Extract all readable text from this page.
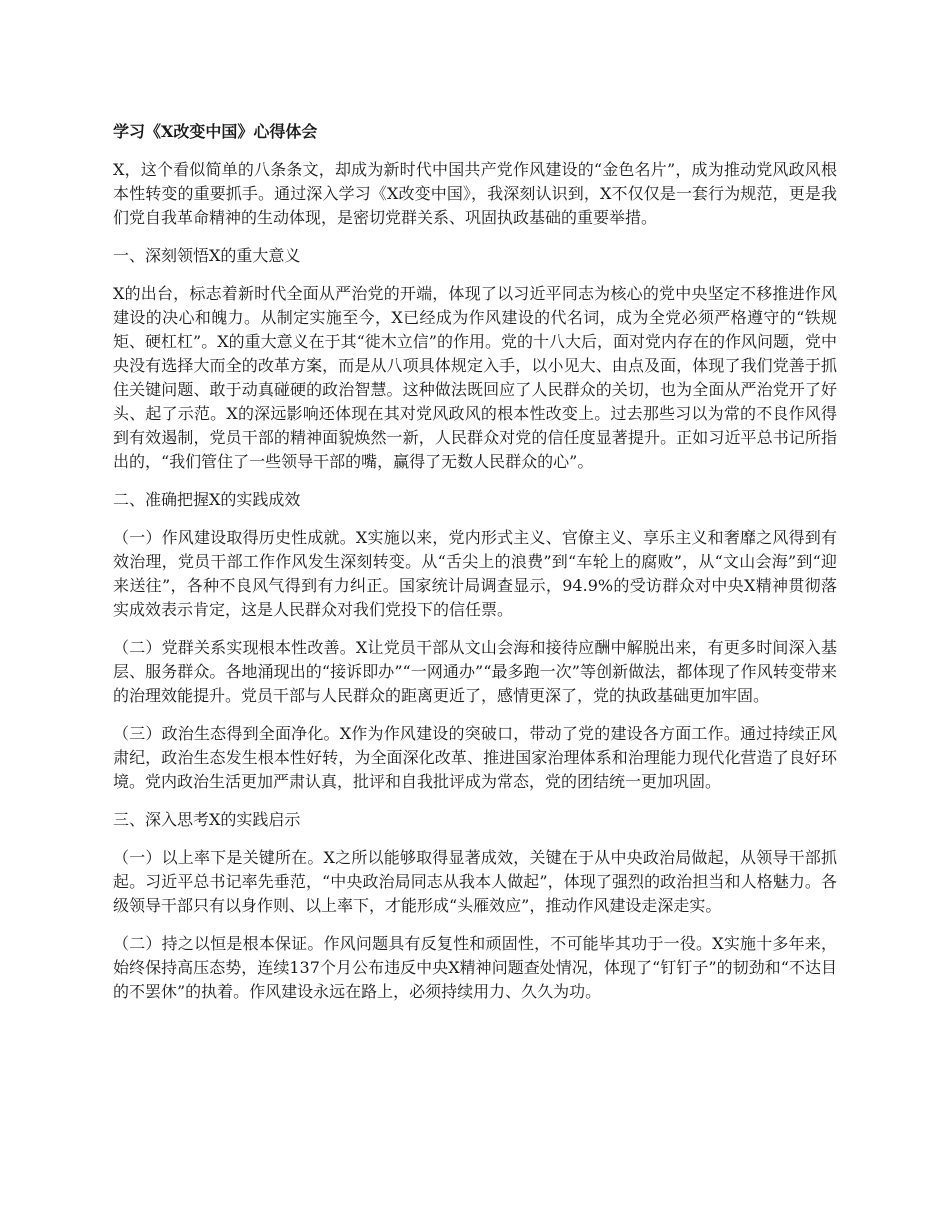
学习《X改变中国》心得体会

X，这个看似简单的八条条文，却成为新时代中国共产党作风建设的“金色名片”，成为推动党风政风根本性转变的重要抓手。通过深入学习《X改变中国》，我深刻认识到，X不仅仅是一套行为规范，更是我们党自我革命精神的生动体现，是密切党群关系、巩固执政基础的重要举措。

一、深刻领悟X的重大意义

X的出台，标志着新时代全面从严治党的开端，体现了以习近平同志为核心的党中央坚定不移推进作风建设的决心和魄力。从制定实施至今，X已经成为作风建设的代名词，成为全党必须严格遵守的“铁规矩、硬杠杠”。X的重大意义在于其“徙木立信”的作用。党的十八大后，面对党内存在的作风问题，党中央没有选择大而全的改革方案，而是从八项具体规定入手，以小见大、由点及面，体现了我们党善于抓住关键问题、敢于动真碰硬的政治智慧。这种做法既回应了人民群众的关切，也为全面从严治党开了好头、起了示范。X的深远影响还体现在其对党风政风的根本性改变上。过去那些习以为常的不良作风得到有效遏制，党员干部的精神面貌焕然一新，人民群众对党的信任度显著提升。正如习近平总书记所指出的，“我们管住了一些领导干部的嘴，赢得了无数人民群众的心”。

二、准确把握X的实践成效

（一）作风建设取得历史性成就。X实施以来，党内形式主义、官僚主义、享乐主义和奢靡之风得到有效治理，党员干部工作作风发生深刻转变。从“舌尖上的浪费”到“车轮上的腐败”，从“文山会海”到“迎来送往”，各种不良风气得到有力纠正。国家统计局调查显示，94.9%的受访群众对中央X精神贯彻落实成效表示肯定，这是人民群众对我们党投下的信任票。

（二）党群关系实现根本性改善。X让党员干部从文山会海和接待应酬中解脱出来，有更多时间深入基层、服务群众。各地涌现出的“接诉即办”“一网通办”“最多跑一次”等创新做法，都体现了作风转变带来的治理效能提升。党员干部与人民群众的距离更近了，感情更深了，党的执政基础更加牢固。

（三）政治生态得到全面净化。X作为作风建设的突破口，带动了党的建设各方面工作。通过持续正风肃纪，政治生态发生根本性好转，为全面深化改革、推进国家治理体系和治理能力现代化营造了良好环境。党内政治生活更加严肃认真，批评和自我批评成为常态，党的团结统一更加巩固。

三、深入思考X的实践启示

（一）以上率下是关键所在。X之所以能够取得显著成效，关键在于从中央政治局做起，从领导干部抓起。习近平总书记率先垂范，“中央政治局同志从我本人做起”，体现了强烈的政治担当和人格魅力。各级领导干部只有以身作则、以上率下，才能形成“头雁效应”，推动作风建设走深走实。

（二）持之以恒是根本保证。作风问题具有反复性和顽固性，不可能毕其功于一役。X实施十多年来，始终保持高压态势，连续137个月公布违反中央X精神问题查处情况，体现了“钉钉子”的韧劲和“不达目的不罢休”的执着。作风建设永远在路上，必须持续用力、久久为功。
